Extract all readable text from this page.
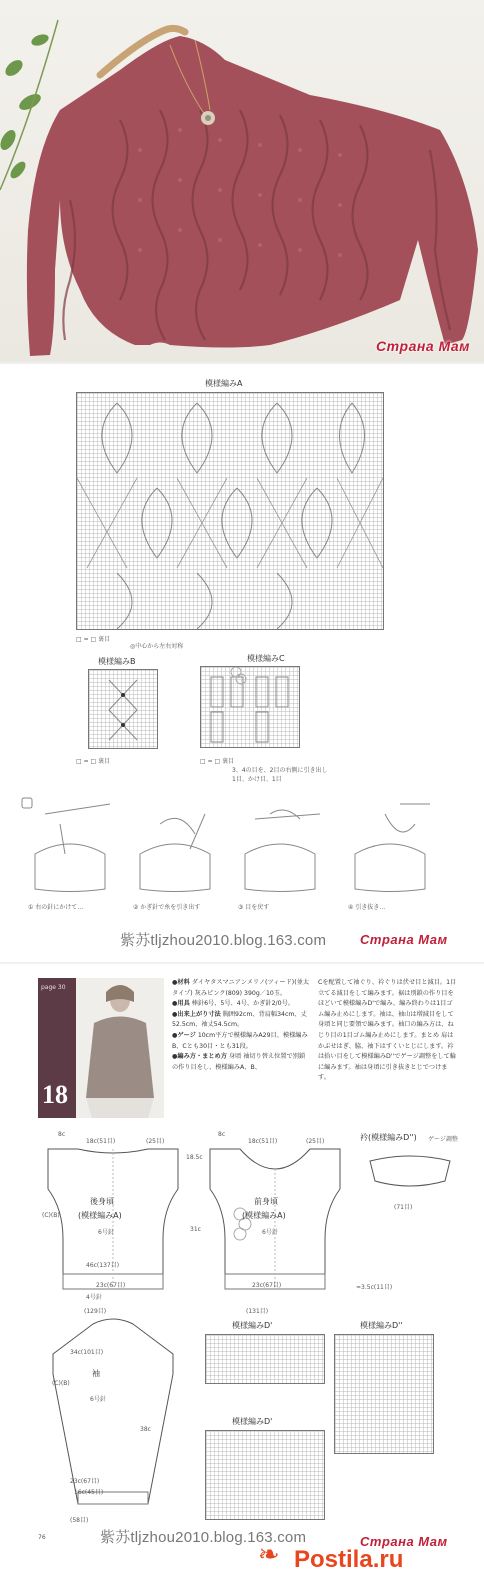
Страна Мам
模様編みA
□ = □ 裏目
◎中心から左右対称
模様編みB
□ = □ 裏目
模様編みC
□ = □ 裏目
3、4の目を、2目の右側に引き出し
1目、かけ目、1目
① 右の針にかけて…	② かぎ針で糸を引き出す	③ 目を戻す	④ 引き抜き…
紫苏tljzhou2010.blog.163.com	Страна Мам
page 30
18
●材料 ダイヤタスマニアンメリノ(ツィード)(並太タイプ) 灰みピンク(809) 390g／10玉。
●用具 棒針6号、5号、4号、かぎ針2/0号。
●出来上がり寸法 胸囲92cm、背肩幅34cm、丈52.5cm、袖丈54.5cm。
●ゲージ 10cm平方で模様編みA29目、模様編みB、Cとも30目・とも31段。
●編み方・まとめ方 身頃 袖切り替え位置で別鎖の作り目をし、模様編みA、B、
Cを配置して袖ぐり、衿ぐりは伏せ目と減目。1目立てる減目をして編みます。裾は別鎖の作り目をほどいて模様編みD'で編み、編み終わりは1目ゴム編み止めにします。袖は、袖山は増減目をして身頃と同じ要領で編みます。袖口の編み方は、ねじり目の1目ゴム編み止めにします。まとめ 肩はかぶせはぎ、脇、袖下はすくいとじにします。衿は拾い目をして模様編みD''でゲージ調整をして輪に編みます。袖は身頃に引き抜きとじでつけます。
8c
18c(51目)	(25目)
後身頃
(模様編みA)
(C)(B)
6号針
46c(137目)
23c(67目)
4号針
(129目)
18.5c
31c
8c
18c(51目)	(25目)
前身頃
(模様編みA)
6号針
23c(67目)
(131目)
衿(模様編みD'') ゲージ調整
(71目)
≈3.5c(11目)
34c(101目)
袖
(C)(B)
6号針
38c
23c(67目)
16c(45目)
(58目)
模様編みD'	模様編みD''
模様編みD'
76	紫苏tljzhou2010.blog.163.com	Страна Мам
❧ Postila.ru
